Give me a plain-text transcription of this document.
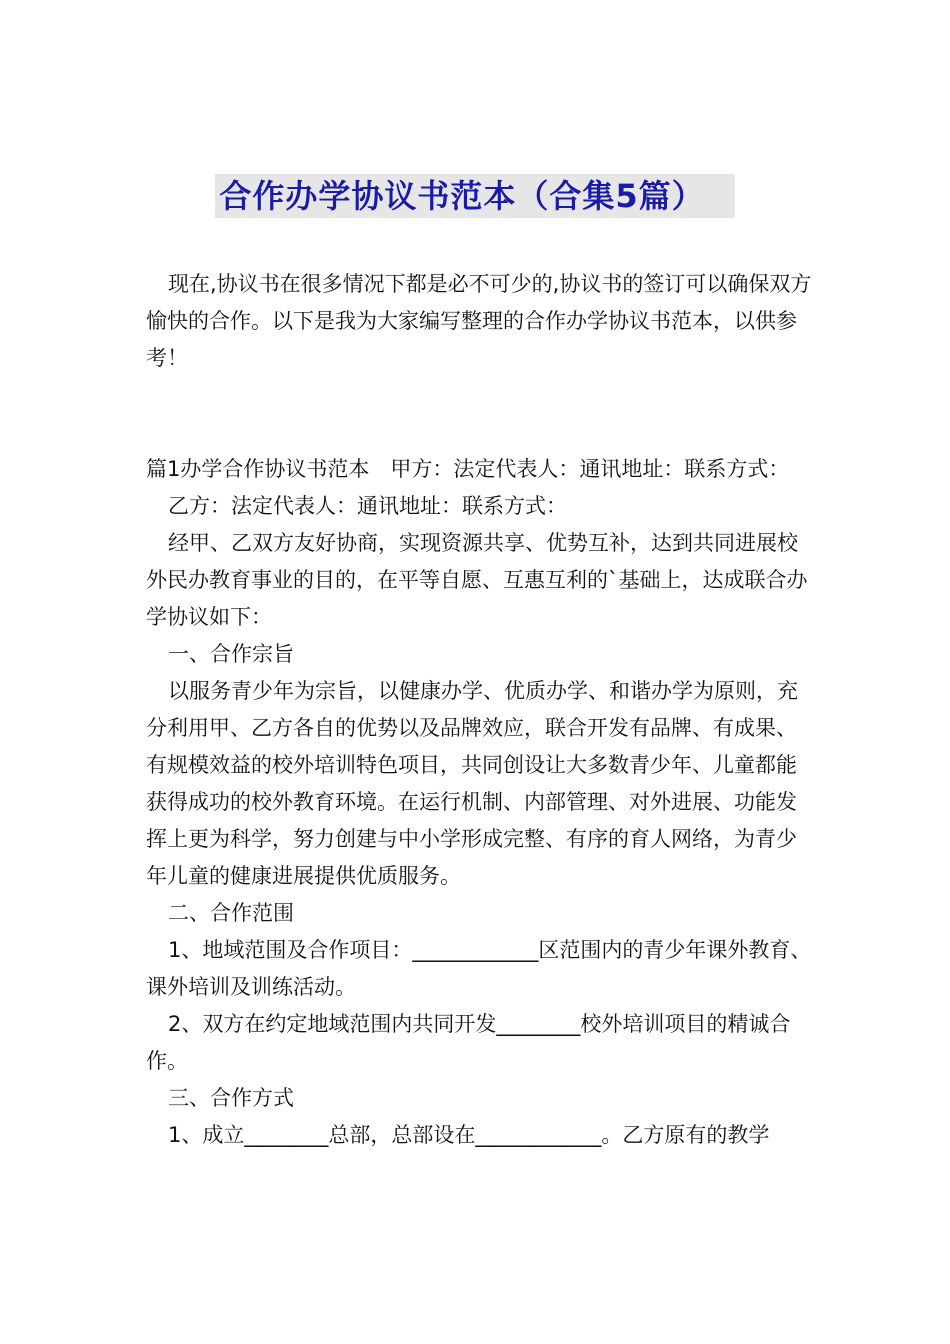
合作办学协议书范本（合集5篇）

现在,协议书在很多情况下都是必不可少的,协议书的签订可以确保双方愉快的合作。以下是我为大家编写整理的合作办学协议书范本，以供参考！

篇1办学合作协议书范本　甲方：法定代表人：通讯地址：联系方式：

乙方：法定代表人：通讯地址：联系方式：

经甲、乙双方友好协商，实现资源共享、优势互补，达到共同进展校外民办教育事业的目的，在平等自愿、互惠互利的`基础上，达成联合办学协议如下：

一、合作宗旨

以服务青少年为宗旨，以健康办学、优质办学、和谐办学为原则，充分利用甲、乙方各自的优势以及品牌效应，联合开发有品牌、有成果、有规模效益的校外培训特色项目，共同创设让大多数青少年、儿童都能获得成功的校外教育环境。在运行机制、内部管理、对外进展、功能发挥上更为科学，努力创建与中小学形成完整、有序的育人网络，为青少年儿童的健康进展提供优质服务。

二、合作范围

1、地域范围及合作项目：____________区范围内的青少年课外教育、课外培训及训练活动。

2、双方在约定地域范围内共同开发________校外培训项目的精诚合作。

三、合作方式

1、成立________总部，总部设在____________。乙方原有的教学
